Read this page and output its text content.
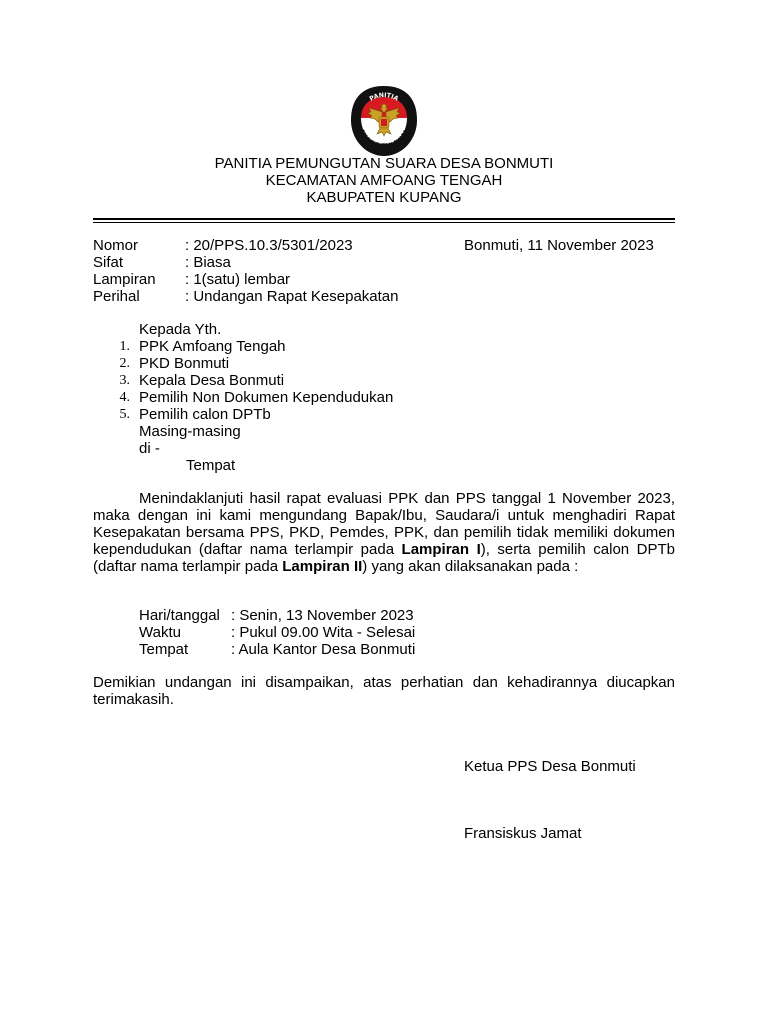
PANITIA
PEMUNGUTAN SUARA
PANITIA PEMUNGUTAN SUARA DESA BONMUTI
KECAMATAN AMFOANG TENGAH
KABUPATEN KUPANG
Nomor	: 20/PPS.10.3/5301/2023	Bonmuti, 11 November 2023
Sifat	: Biasa
Lampiran : 1(satu) lembar
Perihal	: Undangan Rapat Kesepakatan
Kepada Yth.
1. PPK Amfoang Tengah
2. PKD Bonmuti
3. Kepala Desa Bonmuti
4. Pemilih Non Dokumen Kependudukan
5. Pemilih calon DPTb
Masing-masing
di -
Tempat

Menindaklanjuti hasil rapat evaluasi PPK dan PPS tanggal 1 November 2023, maka dengan ini kami mengundang Bapak/Ibu, Saudara/i untuk menghadiri Rapat Kesepakatan bersama PPS, PKD, Pemdes, PPK, dan pemilih tidak memiliki dokumen kependudukan (daftar nama terlampir pada Lampiran I), serta pemilih calon DPTb (daftar nama terlampir pada Lampiran II) yang akan dilaksanakan pada :

Hari/tanggal : Senin, 13 November 2023
Waktu	: Pukul 09.00 Wita - Selesai
Tempat	: Aula Kantor Desa Bonmuti
Demikian undangan ini disampaikan, atas perhatian dan kehadirannya diucapkan terimakasih.
Ketua PPS Desa Bonmuti
Fransiskus Jamat
